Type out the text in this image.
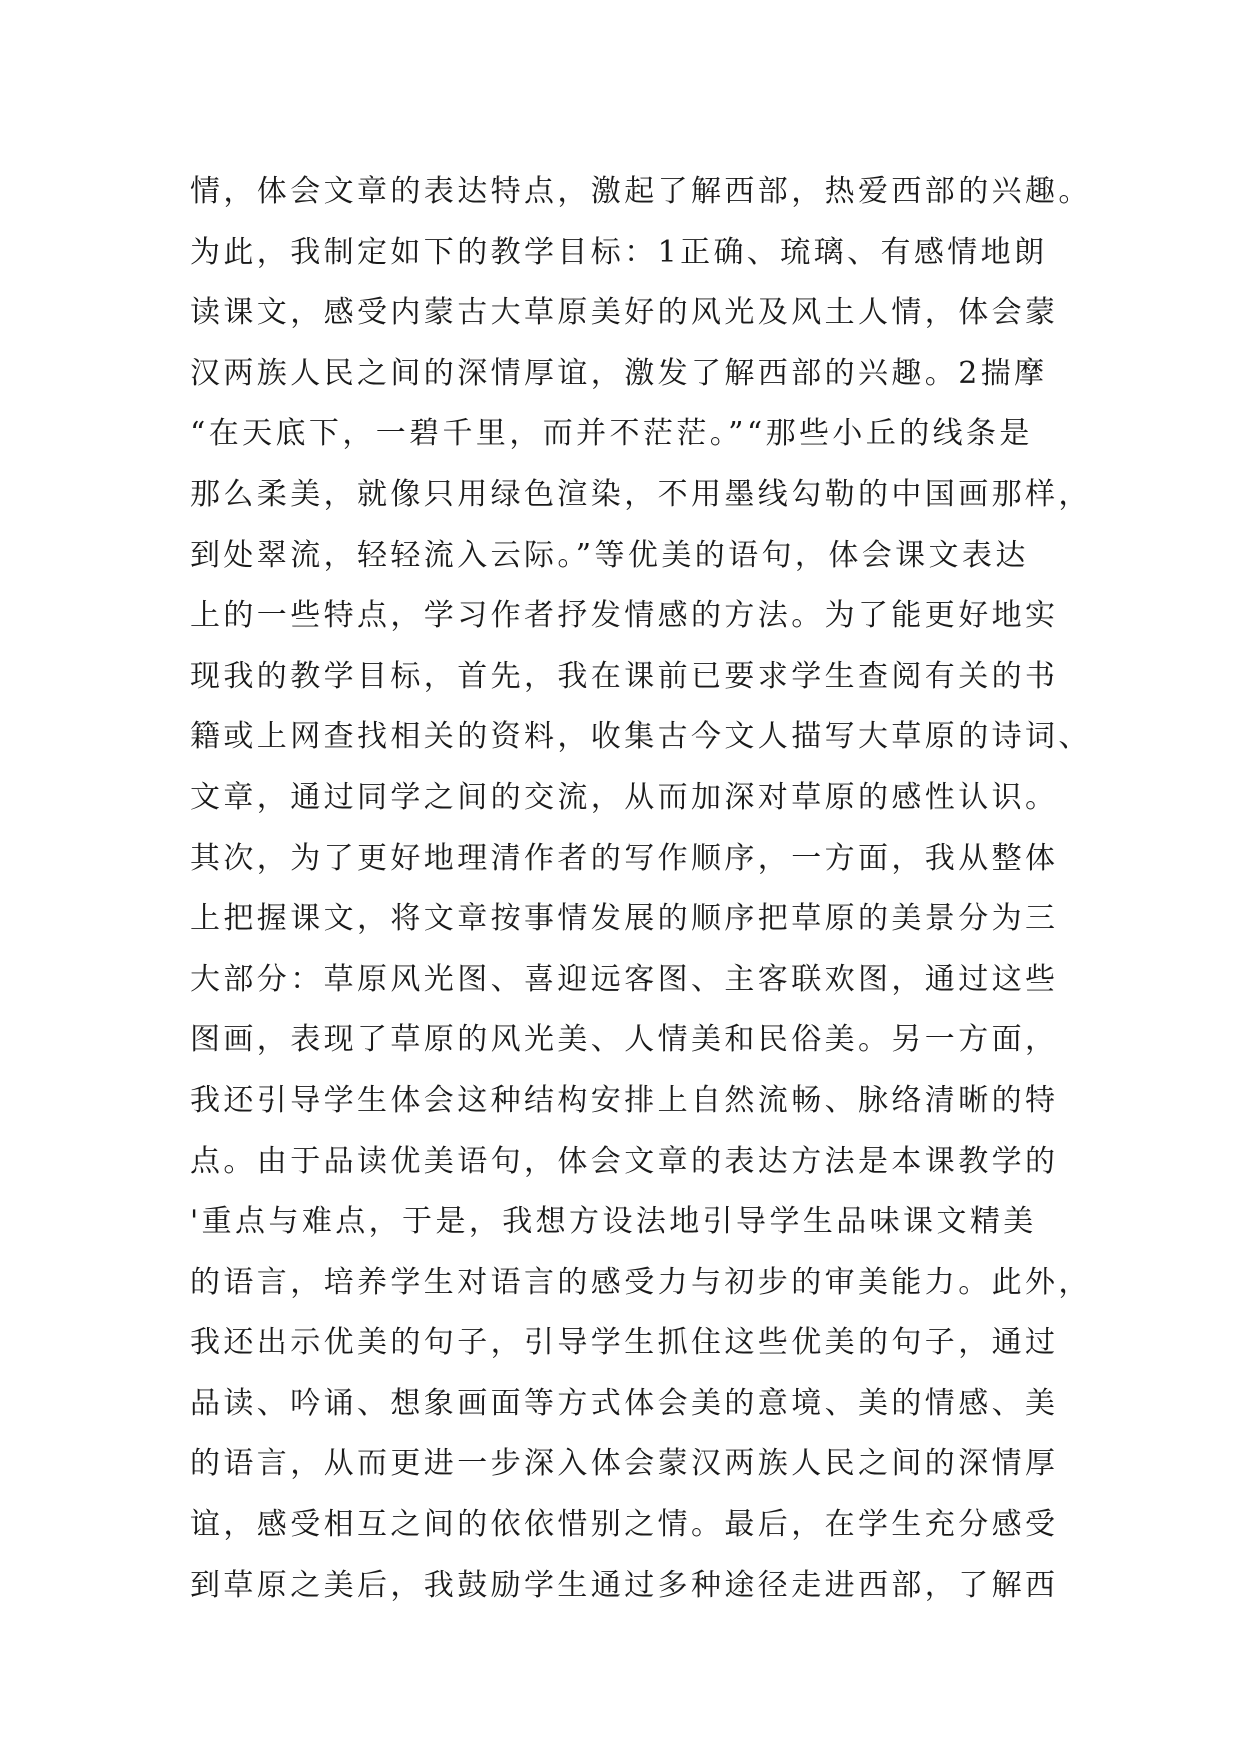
情，体会文章的表达特点，激起了解西部，热爱西部的兴趣。
为此，我制定如下的教学目标：1正确、琉璃、有感情地朗
读课文，感受内蒙古大草原美好的风光及风土人情，体会蒙
汉两族人民之间的深情厚谊，激发了解西部的兴趣。2揣摩
“在天底下，一碧千里，而并不茫茫。”“那些小丘的线条是
那么柔美，就像只用绿色渲染，不用墨线勾勒的中国画那样，
到处翠流，轻轻流入云际。”等优美的语句，体会课文表达
上的一些特点，学习作者抒发情感的方法。为了能更好地实
现我的教学目标，首先，我在课前已要求学生查阅有关的书
籍或上网查找相关的资料，收集古今文人描写大草原的诗词、
文章，通过同学之间的交流，从而加深对草原的感性认识。
其次，为了更好地理清作者的写作顺序，一方面，我从整体
上把握课文，将文章按事情发展的顺序把草原的美景分为三
大部分：草原风光图、喜迎远客图、主客联欢图，通过这些
图画，表现了草原的风光美、人情美和民俗美。另一方面，
我还引导学生体会这种结构安排上自然流畅、脉络清晰的特
点。由于品读优美语句，体会文章的表达方法是本课教学的
'重点与难点，于是，我想方设法地引导学生品味课文精美
的语言，培养学生对语言的感受力与初步的审美能力。此外，
我还出示优美的句子，引导学生抓住这些优美的句子，通过
品读、吟诵、想象画面等方式体会美的意境、美的情感、美
的语言，从而更进一步深入体会蒙汉两族人民之间的深情厚
谊，感受相互之间的依依惜别之情。最后，在学生充分感受
到草原之美后，我鼓励学生通过多种途径走进西部，了解西
